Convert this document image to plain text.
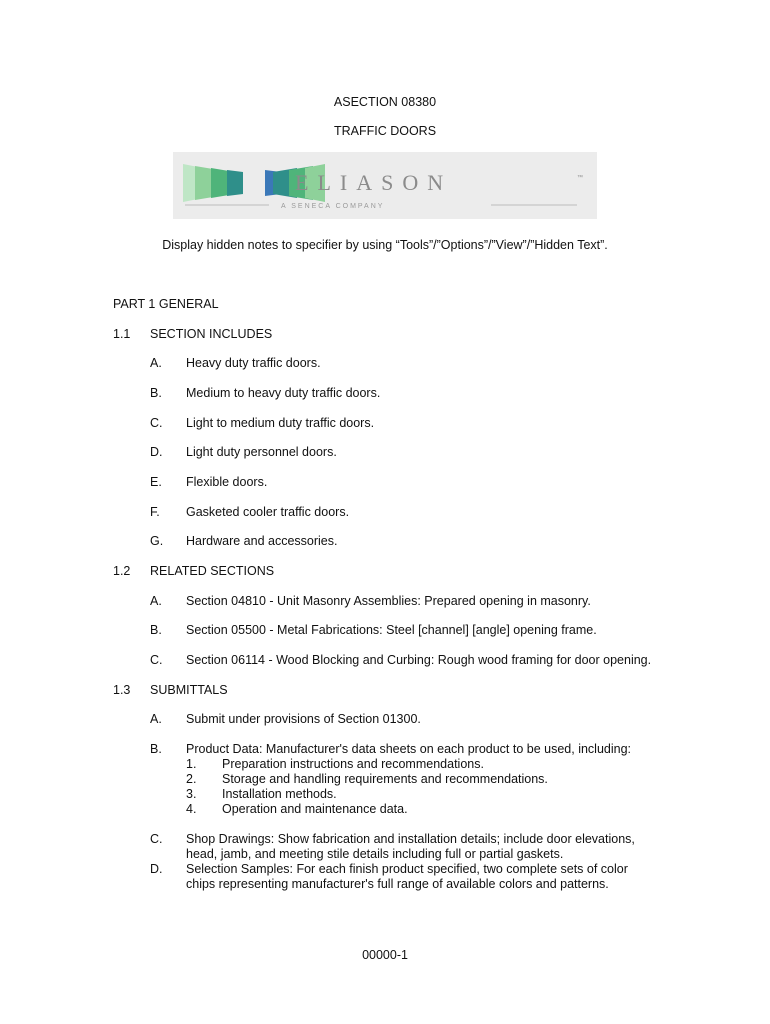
ASECTION 08380
TRAFFIC DOORS
ELIASON	™
A SENECA COMPANY
Display hidden notes to specifier by using “Tools”/”Options”/”View”/”Hidden Text”.
PART 1 GENERAL
1.1 SECTION INCLUDES
A. Heavy duty traffic doors.
B. Medium to heavy duty traffic doors.
C. Light to medium duty traffic doors.
D. Light duty personnel doors.
E. Flexible doors.
F. Gasketed cooler traffic doors.
G. Hardware and accessories.
1.2 RELATED SECTIONS
A. Section 04810 - Unit Masonry Assemblies: Prepared opening in masonry.
B. Section 05500 - Metal Fabrications: Steel [channel] [angle] opening frame.
C. Section 06114 - Wood Blocking and Curbing: Rough wood framing for door opening.
1.3 SUBMITTALS
A. Submit under provisions of Section 01300.
B. Product Data: Manufacturer's data sheets on each product to be used, including:
1. Preparation instructions and recommendations.
2. Storage and handling requirements and recommendations.
3. Installation methods.
4. Operation and maintenance data.
C. Shop Drawings: Show fabrication and installation details; include door elevations,
head, jamb, and meeting stile details including full or partial gaskets.
D. Selection Samples: For each finish product specified, two complete sets of color
chips representing manufacturer's full range of available colors and patterns.
00000-1
